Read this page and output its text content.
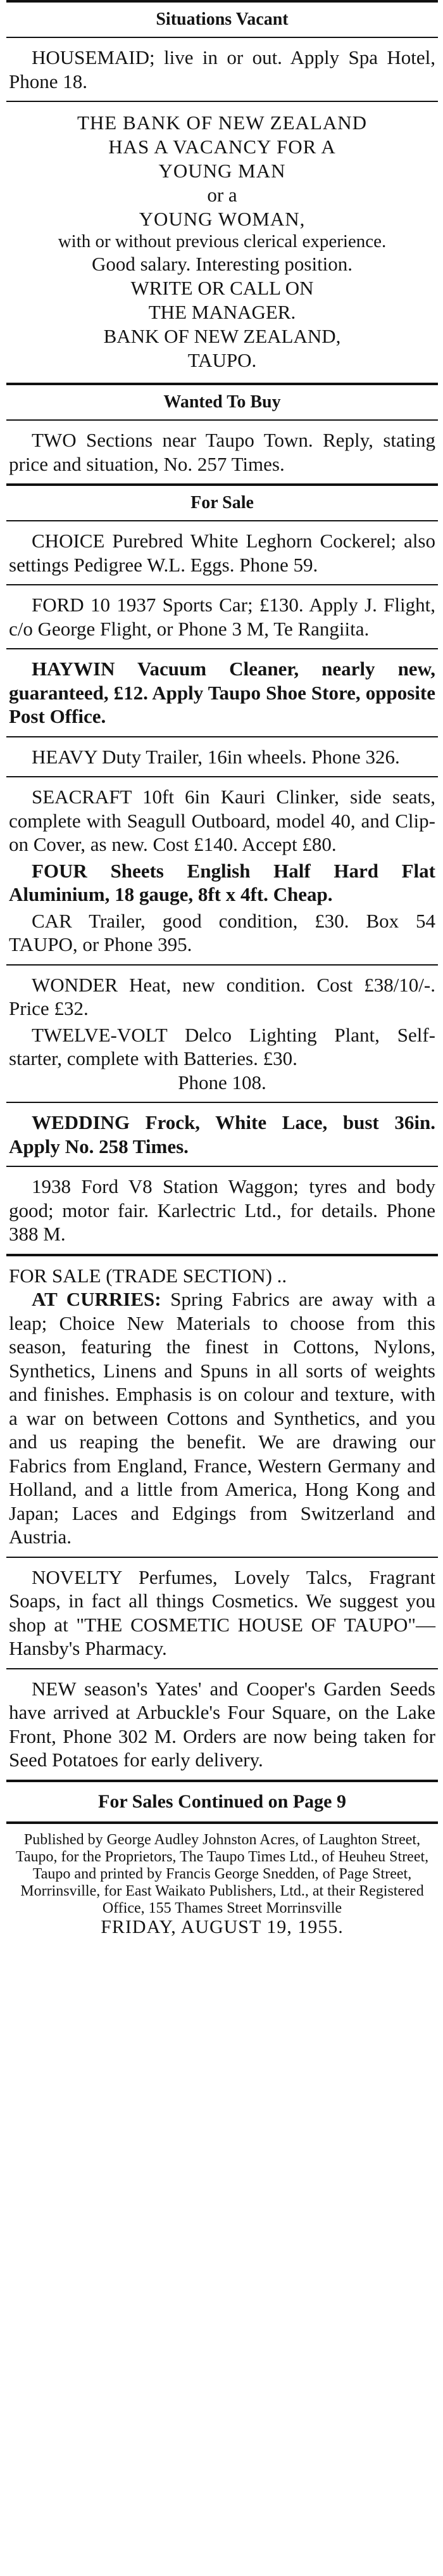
Situations Vacant

HOUSEMAID; live in or out. Apply Spa Hotel, Phone 18.

THE BANK OF NEW ZEALAND
HAS A VACANCY FOR A
YOUNG MAN
or a
YOUNG WOMAN,
with or without previous clerical experience.
Good salary. Interesting position.
WRITE OR CALL ON
THE MANAGER.
BANK OF NEW ZEALAND,
TAUPO.
Wanted To Buy

TWO Sections near Taupo Town. Reply, stating price and situation, No. 257 Times.

For Sale

CHOICE Purebred White Leghorn Cockerel; also settings Pedigree W.L. Eggs. Phone 59.

FORD 10 1937 Sports Car; £130. Apply J. Flight, c/o George Flight, or Phone 3 M, Te Rangiita.

HAYWIN Vacuum Cleaner, nearly new, guaranteed, £12. Apply Taupo Shoe Store, opposite Post Office.

HEAVY Duty Trailer, 16in wheels. Phone 326.

SEACRAFT 10ft 6in Kauri Clinker, side seats, complete with Seagull Outboard, model 40, and Clip-on Cover, as new. Cost £140. Accept £80.

FOUR Sheets English Half Hard Flat Aluminium, 18 gauge, 8ft x 4ft. Cheap.

CAR Trailer, good condition, £30. Box 54 TAUPO, or Phone 395.

WONDER Heat, new condition. Cost £38/10/-. Price £32.

TWELVE-VOLT Delco Lighting Plant, Self-starter, complete with Batteries. £30.

Phone 108.

WEDDING Frock, White Lace, bust 36in. Apply No. 258 Times.

1938 Ford V8 Station Waggon; tyres and body good; motor fair. Karlectric Ltd., for details. Phone 388 M.

FOR SALE (TRADE SECTION) ..

AT CURRIES: Spring Fabrics are away with a leap; Choice New Materials to choose from this season, featuring the finest in Cottons, Nylons, Synthetics, Linens and Spuns in all sorts of weights and finishes. Emphasis is on colour and texture, with a war on between Cottons and Synthetics, and you and us reaping the benefit. We are drawing our Fabrics from England, France, Western Germany and Holland, and a little from America, Hong Kong and Japan; Laces and Edgings from Switzerland and Austria.

NOVELTY Perfumes, Lovely Talcs, Fragrant Soaps, in fact all things Cosmetics. We suggest you shop at "THE COSMETIC HOUSE OF TAUPO"—Hansby's Pharmacy.

NEW season's Yates' and Cooper's Garden Seeds have arrived at Arbuckle's Four Square, on the Lake Front, Phone 302 M. Orders are now being taken for Seed Potatoes for early delivery.

For Sales Continued on Page 9
Published by George Audley Johnston Acres, of Laughton Street, Taupo, for the Proprietors, The Taupo Times Ltd., of Heuheu Street, Taupo and printed by Francis George Snedden, of Page Street, Morrinsville, for East Waikato Publishers, Ltd., at their Registered Office, 155 Thames Street Morrinsville
FRIDAY, AUGUST 19, 1955.
